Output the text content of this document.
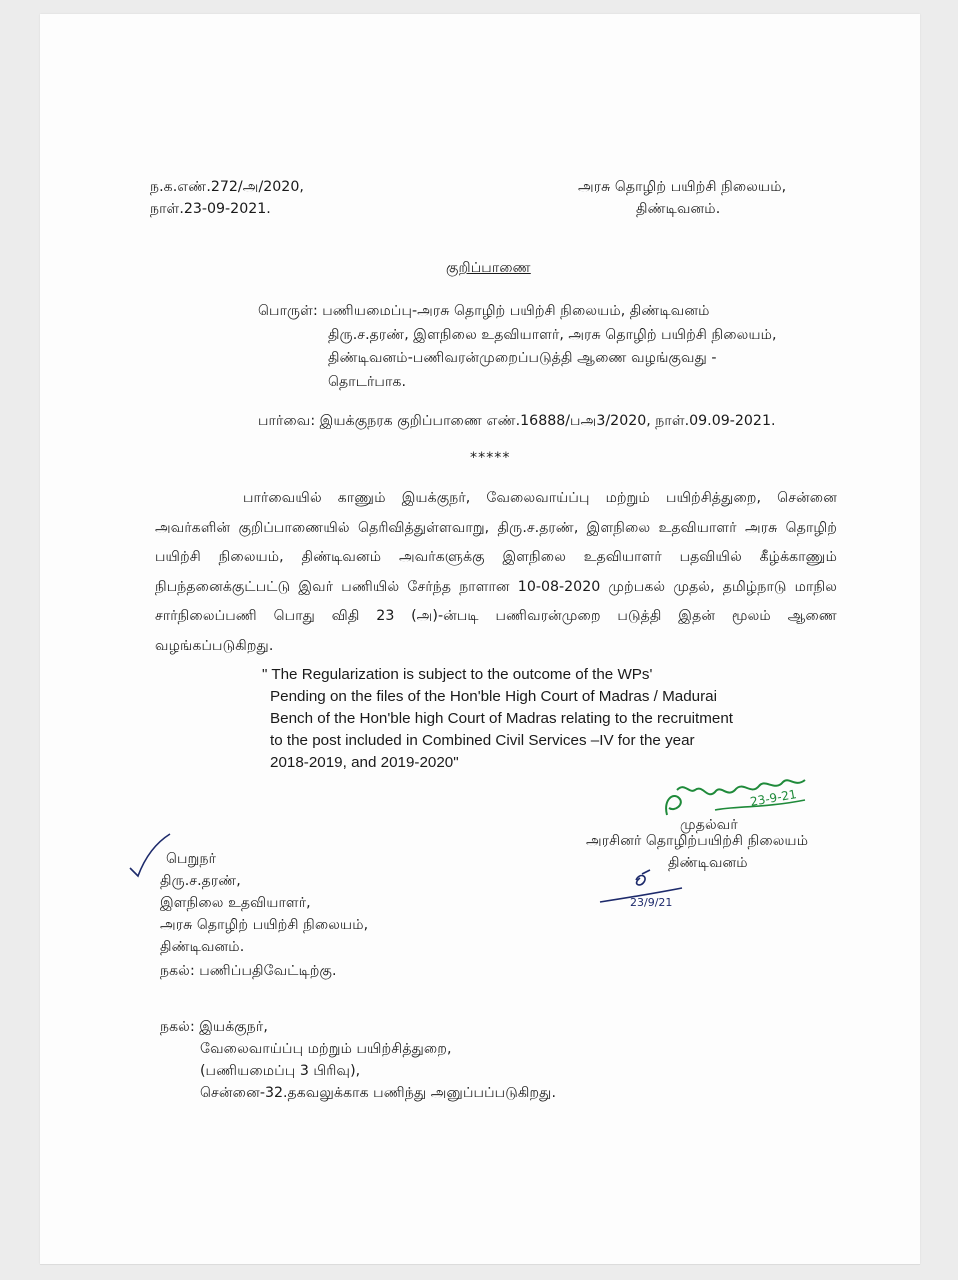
ந.க.எண்.272/அ/2020,
நாள்.23-09-2021.
அரசு தொழிற் பயிற்சி நிலையம்,
திண்டிவனம்.
குறிப்பாணை
பொருள்: பணியமைப்பு-அரசு தொழிற் பயிற்சி நிலையம், திண்டிவனம்
திரு.ச.தரண், இளநிலை உதவியாளர், அரசு தொழிற் பயிற்சி நிலையம்,
திண்டிவனம்-பணிவரன்முறைப்படுத்தி ஆணை வழங்குவது -
தொடர்பாக.
பார்வை: இயக்குநரக குறிப்பாணை எண்.16888/பஅ3/2020, நாள்.09.09-2021.
*****
பார்வையில் காணும் இயக்குநர், வேலைவாய்ப்பு மற்றும் பயிற்சித்துறை, சென்னை அவர்களின் குறிப்பாணையில் தெரிவித்துள்ளவாறு, திரு.ச.தரண், இளநிலை உதவியாளர் அரசு தொழிற் பயிற்சி நிலையம், திண்டிவனம் அவர்களுக்கு இளநிலை உதவியாளர் பதவியில் கீழ்க்காணும் நிபந்தனைக்குட்பட்டு இவர் பணியில் சேர்ந்த நாளான 10-08-2020 முற்பகல் முதல், தமிழ்நாடு மாநில சார்நிலைப்பணி பொது விதி 23 (அ)-ன்படி பணிவரன்முறை படுத்தி இதன் மூலம் ஆணை வழங்கப்படுகிறது.
" The Regularization is subject to the outcome of the WPs'
Pending on the files of the Hon'ble High Court of Madras / Madurai
Bench of the Hon'ble high Court of Madras relating to the recruitment
to the post included in Combined Civil Services –IV for the year
2018-2019, and 2019-2020"
23-9-21
முதல்வர்
அரசினர் தொழிற்பயிற்சி நிலையம்
திண்டிவனம்
23/9/21
பெறுநர்
திரு.ச.தரண்,
இளநிலை உதவியாளர்,
அரசு தொழிற் பயிற்சி நிலையம்,
திண்டிவனம்.
நகல்: பணிப்பதிவேட்டிற்கு.
நகல்: இயக்குநர்,
வேலைவாய்ப்பு மற்றும் பயிற்சித்துறை,
(பணியமைப்பு 3 பிரிவு),
சென்னை-32.தகவலுக்காக பணிந்து அனுப்பப்படுகிறது.
